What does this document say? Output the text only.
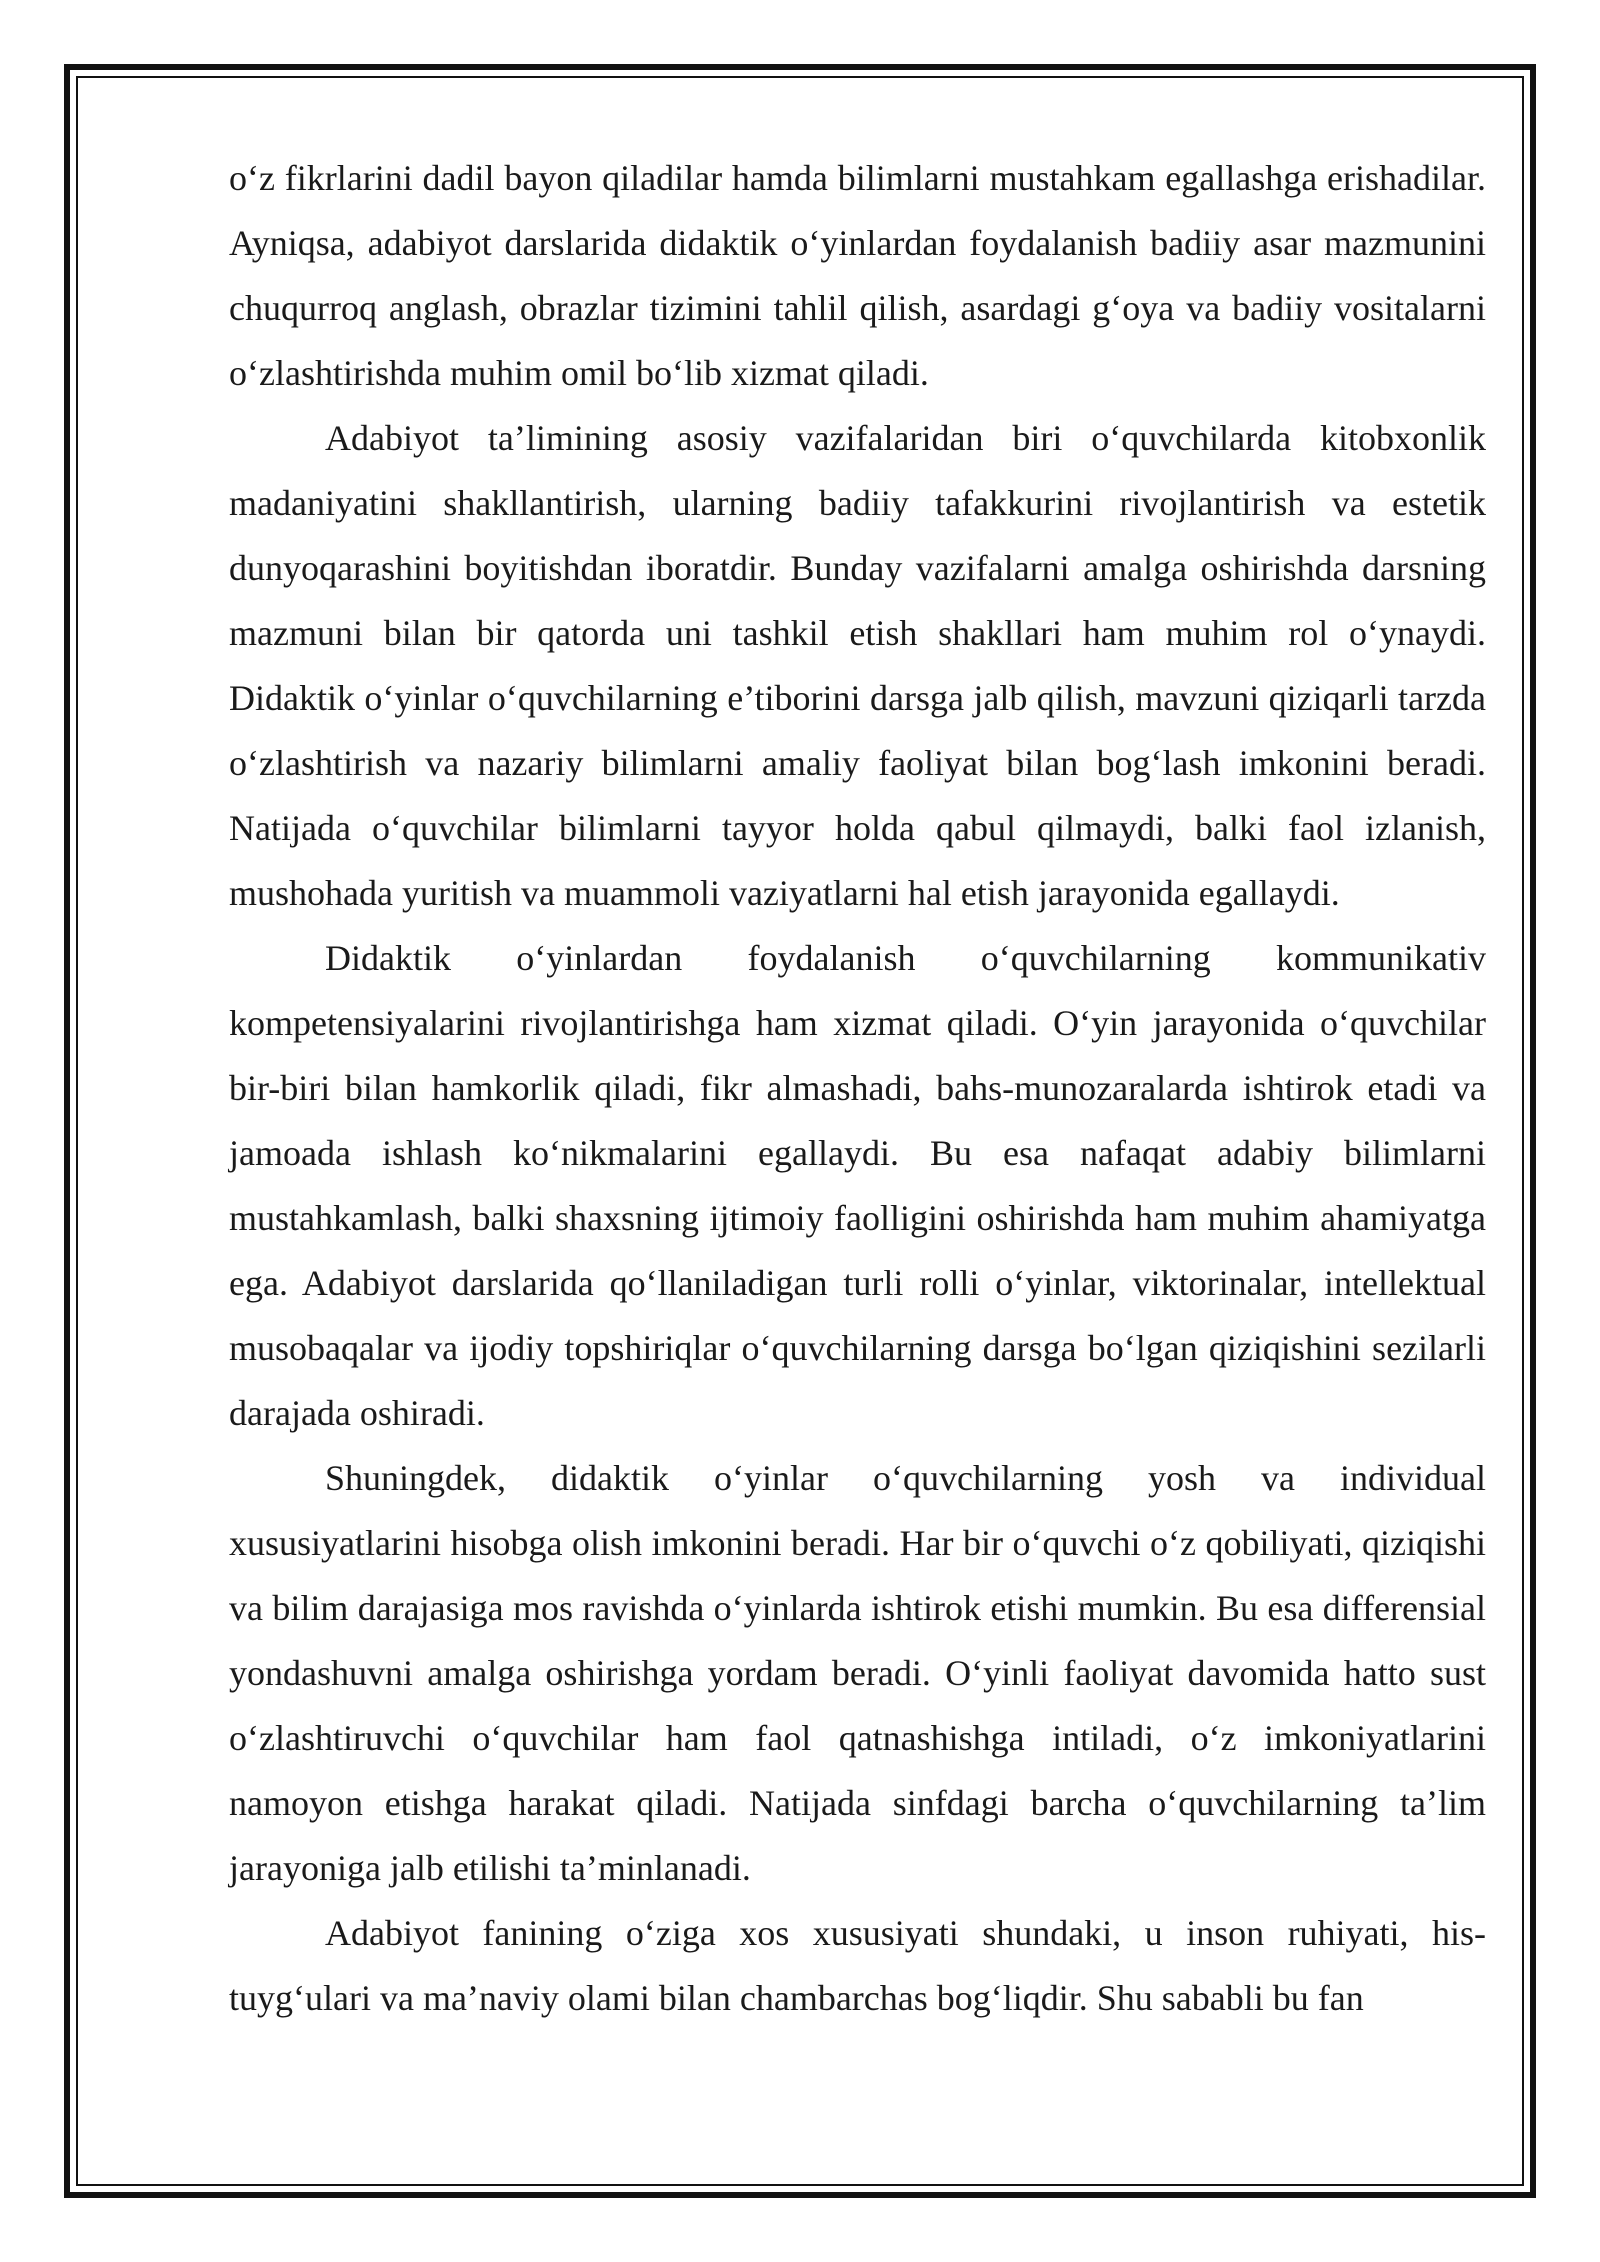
o‘z fikrlarini dadil bayon qiladilar hamda bilimlarni mustahkam egallashga erishadilar. Ayniqsa, adabiyot darslarida didaktik o‘yinlardan foydalanish badiiy asar mazmunini chuqurroq anglash, obrazlar tizimini tahlil qilish, asardagi g‘oya va badiiy vositalarni o‘zlashtirishda muhim omil bo‘lib xizmat qiladi.

Adabiyot ta’limining asosiy vazifalaridan biri o‘quvchilarda kitobxonlik madaniyatini shakllantirish, ularning badiiy tafakkurini rivojlantirish va estetik dunyoqarashini boyitishdan iboratdir. Bunday vazifalarni amalga oshirishda darsning mazmuni bilan bir qatorda uni tashkil etish shakllari ham muhim rol o‘ynaydi. Didaktik o‘yinlar o‘quvchilarning e’tiborini darsga jalb qilish, mavzuni qiziqarli tarzda o‘zlashtirish va nazariy bilimlarni amaliy faoliyat bilan bog‘lash imkonini beradi. Natijada o‘quvchilar bilimlarni tayyor holda qabul qilmaydi, balki faol izlanish, mushohada yuritish va muammoli vaziyatlarni hal etish jarayonida egallaydi.

Didaktik o‘yinlardan foydalanish o‘quvchilarning kommunikativ kompetensiyalarini rivojlantirishga ham xizmat qiladi. O‘yin jarayonida o‘quvchilar bir-biri bilan hamkorlik qiladi, fikr almashadi, bahs-munozaralarda ishtirok etadi va jamoada ishlash ko‘nikmalarini egallaydi. Bu esa nafaqat adabiy bilimlarni mustahkamlash, balki shaxsning ijtimoiy faolligini oshirishda ham muhim ahamiyatga ega. Adabiyot darslarida qo‘llaniladigan turli rolli o‘yinlar, viktorinalar, intellektual musobaqalar va ijodiy topshiriqlar o‘quvchilarning darsga bo‘lgan qiziqishini sezilarli darajada oshiradi.

Shuningdek, didaktik o‘yinlar o‘quvchilarning yosh va individual xususiyatlarini hisobga olish imkonini beradi. Har bir o‘quvchi o‘z qobiliyati, qiziqishi va bilim darajasiga mos ravishda o‘yinlarda ishtirok etishi mumkin. Bu esa differensial yondashuvni amalga oshirishga yordam beradi. O‘yinli faoliyat davomida hatto sust o‘zlashtiruvchi o‘quvchilar ham faol qatnashishga intiladi, o‘z imkoniyatlarini namoyon etishga harakat qiladi. Natijada sinfdagi barcha o‘quvchilarning ta’lim jarayoniga jalb etilishi ta’minlanadi.

Adabiyot fanining o‘ziga xos xususiyati shundaki, u inson ruhiyati, his-tuyg‘ulari va ma’naviy olami bilan chambarchas bog‘liqdir. Shu sababli bu fan
